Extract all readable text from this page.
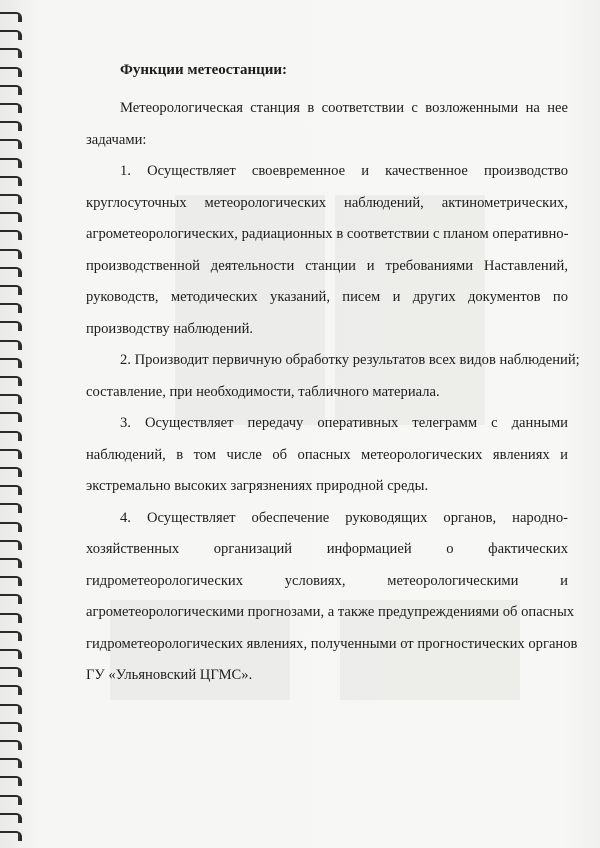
Функции метеостанции:
Метеорологическая станция в соответствии с возложенными на нее
задачами:
1. Осуществляет своевременное и качественное производство
круглосуточных метеорологических наблюдений, актинометрических,
агрометеорологических, радиационных в соответствии с планом оперативно-
производственной деятельности станции и требованиями Наставлений,
руководств, методических указаний, писем и других документов по
производству наблюдений.
2. Производит первичную обработку результатов всех видов наблюдений;
составление, при необходимости, табличного материала.
3. Осуществляет передачу оперативных телеграмм с данными
наблюдений, в том числе об опасных метеорологических явлениях и
экстремально высоких загрязнениях природной среды.
4. Осуществляет обеспечение руководящих органов, народно-
хозяйственных организаций информацией о фактических
гидрометеорологических условиях, метеорологическими и
агрометеорологическими прогнозами, а также предупреждениями об опасных
гидрометеорологических явлениях, полученными от прогностических органов
ГУ «Ульяновский ЦГМС».
